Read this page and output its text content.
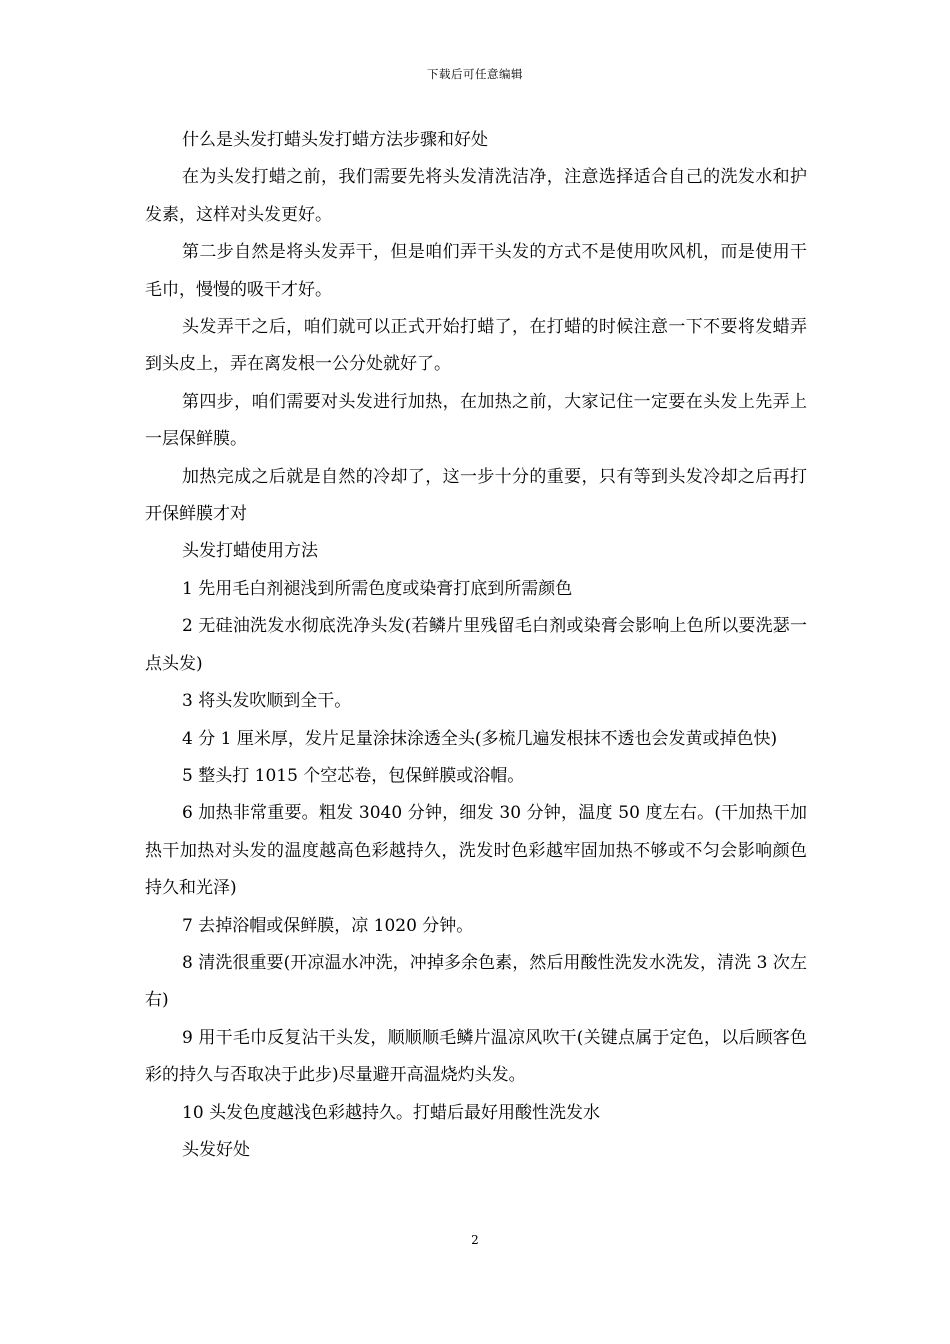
下载后可任意编辑

什么是头发打蜡头发打蜡方法步骤和好处

在为头发打蜡之前，我们需要先将头发清洗洁净，注意选择适合自己的洗发水和护发素，这样对头发更好。

第二步自然是将头发弄干，但是咱们弄干头发的方式不是使用吹风机，而是使用干毛巾，慢慢的吸干才好。

头发弄干之后，咱们就可以正式开始打蜡了，在打蜡的时候注意一下不要将发蜡弄到头皮上，弄在离发根一公分处就好了。

第四步，咱们需要对头发进行加热，在加热之前，大家记住一定要在头发上先弄上一层保鲜膜。

加热完成之后就是自然的冷却了，这一步十分的重要，只有等到头发冷却之后再打开保鲜膜才对

头发打蜡使用方法

1 先用毛白剂褪浅到所需色度或染膏打底到所需颜色

2 无硅油洗发水彻底洗净头发(若鳞片里残留毛白剂或染膏会影响上色所以要洗瑟一点头发)

3 将头发吹顺到全干。

4 分 1 厘米厚，发片足量涂抹涂透全头(多梳几遍发根抹不透也会发黄或掉色快)

5 整头打 1015 个空芯卷，包保鲜膜或浴帽。

6 加热非常重要。粗发 3040 分钟，细发 30 分钟，温度 50 度左右。(干加热干加热干加热对头发的温度越高色彩越持久，洗发时色彩越牢固加热不够或不匀会影响颜色持久和光泽)

7 去掉浴帽或保鲜膜，凉 1020 分钟。

8 清洗很重要(开凉温水冲洗，冲掉多余色素，然后用酸性洗发水洗发，清洗 3 次左右)

9 用干毛巾反复沾干头发，顺顺顺毛鳞片温凉风吹干(关键点属于定色，以后顾客色彩的持久与否取决于此步)尽量避开高温烧灼头发。

10 头发色度越浅色彩越持久。打蜡后最好用酸性洗发水

头发好处

2
